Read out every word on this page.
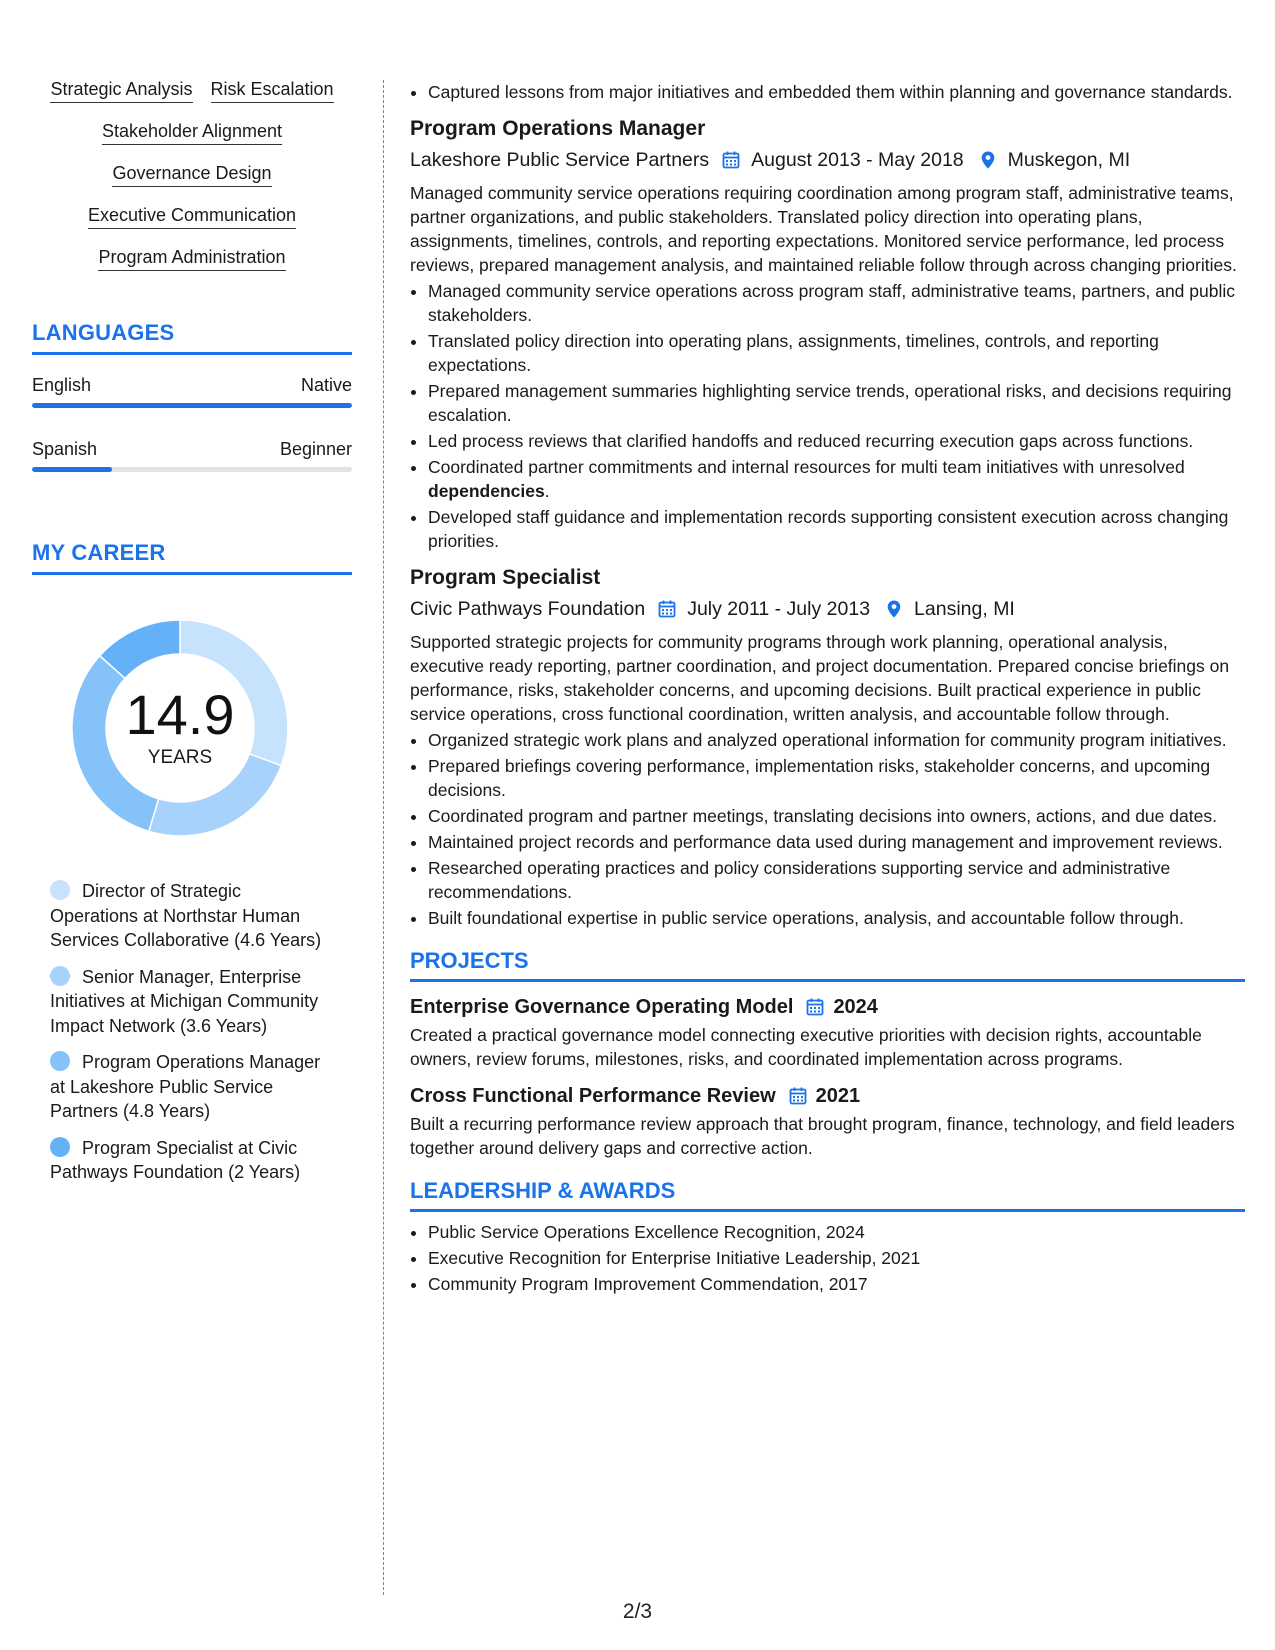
Strategic Analysis Risk Escalation
Stakeholder Alignment
Governance Design
Executive Communication
Program Administration
LANGUAGES
English	Native
Spanish	Beginner
MY CAREER
14.9
YEARS
Director of Strategic Operations at Northstar Human Services Collaborative (4.6 Years)
Senior Manager, Enterprise Initiatives at Michigan Community Impact Network (3.6 Years)
Program Operations Manager at Lakeshore Public Service Partners (4.8 Years)
Program Specialist at Civic Pathways Foundation (2 Years)
• Captured lessons from major initiatives and embedded them within planning and governance standards.
Program Operations Manager
Lakeshore Public Service Partners August 2013 - May 2018 Muskegon, MI
Managed community service operations requiring coordination among program staff, administrative teams, partner organizations, and public stakeholders. Translated policy direction into operating plans, assignments, timelines, controls, and reporting expectations. Monitored service performance, led process reviews, prepared management analysis, and maintained reliable follow through across changing priorities.
• Managed community service operations across program staff, administrative teams, partners, and public stakeholders.
• Translated policy direction into operating plans, assignments, timelines, controls, and reporting expectations.
• Prepared management summaries highlighting service trends, operational risks, and decisions requiring escalation.
• Led process reviews that clarified handoffs and reduced recurring execution gaps across functions.
• Coordinated partner commitments and internal resources for multi team initiatives with unresolved dependencies.
• Developed staff guidance and implementation records supporting consistent execution across changing priorities.
Program Specialist
Civic Pathways Foundation July 2011 - July 2013 Lansing, MI
Supported strategic projects for community programs through work planning, operational analysis, executive ready reporting, partner coordination, and project documentation. Prepared concise briefings on performance, risks, stakeholder concerns, and upcoming decisions. Built practical experience in public service operations, cross functional coordination, written analysis, and accountable follow through.
• Organized strategic work plans and analyzed operational information for community program initiatives.
• Prepared briefings covering performance, implementation risks, stakeholder concerns, and upcoming decisions.
• Coordinated program and partner meetings, translating decisions into owners, actions, and due dates.
• Maintained project records and performance data used during management and improvement reviews.
• Researched operating practices and policy considerations supporting service and administrative recommendations.
• Built foundational expertise in public service operations, analysis, and accountable follow through.
PROJECTS
Enterprise Governance Operating Model 2024
Created a practical governance model connecting executive priorities with decision rights, accountable owners, review forums, milestones, risks, and coordinated implementation across programs.
Cross Functional Performance Review 2021
Built a recurring performance review approach that brought program, finance, technology, and field leaders together around delivery gaps and corrective action.
LEADERSHIP & AWARDS
• Public Service Operations Excellence Recognition, 2024
• Executive Recognition for Enterprise Initiative Leadership, 2021
• Community Program Improvement Commendation, 2017
2/3
